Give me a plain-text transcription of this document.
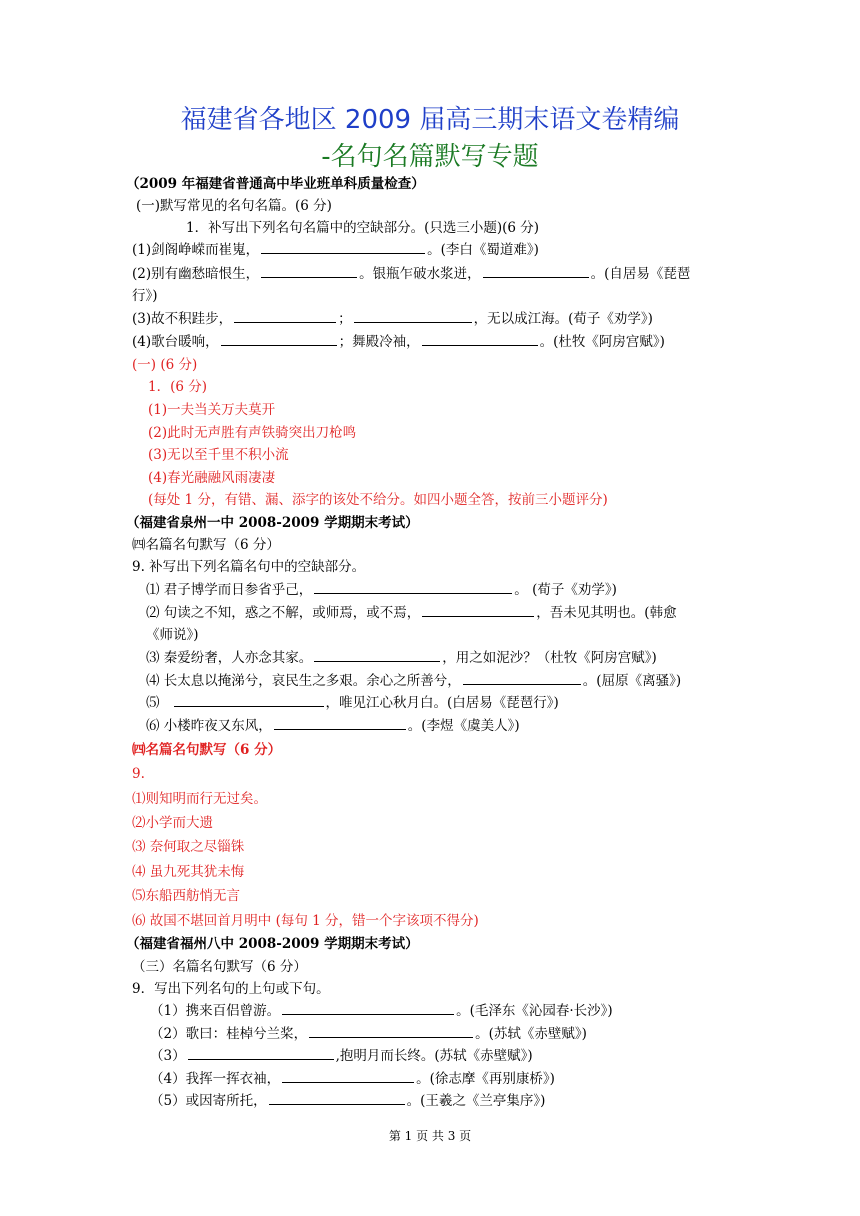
福建省各地区 2009 届高三期末语文卷精编
-名句名篇默写专题
（2009 年福建省普通高中毕业班单科质量检查）
(一)默写常见的名句名篇。(6 分)
1．补写出下列名句名篇中的空缺部分。(只选三小题)(6 分)
(1)剑阁峥嵘而崔嵬，	。(李白《蜀道难》)
(2)别有幽愁暗恨生，	。银瓶乍破水浆迸，	。(自居易《琵琶
行》)
(3)故不积跬步，	；	，无以成江海。(荀子《劝学》)
(4)歌台暖响，	；舞殿冷袖，	。(杜牧《阿房宫赋》)
(一) (6 分)
1．(6 分)
(1)一夫当关万夫莫开
(2)此时无声胜有声铁骑突出刀枪鸣
(3)无以至千里不积小流
(4)春光融融风雨凄凄
(每处 1 分，有错、漏、添字的该处不给分。如四小题全答，按前三小题评分)
（福建省泉州一中 2008-2009 学期期末考试）
㈣名篇名句默写（6 分）
9. 补写出下列名篇名句中的空缺部分。
⑴ 君子博学而日参省乎己，	。 (荀子《劝学》)
⑵ 句读之不知，惑之不解，或师焉，或不焉，	，吾未见其明也。(韩愈
《师说》)
⑶ 秦爱纷奢，人亦念其家。	，用之如泥沙？（杜牧《阿房宫赋》)
⑷ 长太息以掩涕兮，哀民生之多艰。余心之所善兮，	。(屈原《离骚》)
⑸	，唯见江心秋月白。(白居易《琵琶行》)
⑹ 小楼昨夜又东风，	。(李煜《虞美人》)
㈣名篇名句默写（6 分）
9.
⑴则知明而行无过矣。
⑵小学而大遗
⑶ 奈何取之尽锱铢
⑷ 虽九死其犹未悔
⑸东船西舫悄无言
⑹ 故国不堪回首月明中 (每句 1 分，错一个字该项不得分)
（福建省福州八中 2008-2009 学期期末考试）
（三）名篇名句默写（6 分）
9．写出下列名句的上句或下句。
（1）携来百侣曾游。	。(毛泽东《沁园春·长沙》)
（2）歌曰：桂棹兮兰桨，	。(苏轼《赤壁赋》)
（3）	,抱明月而长终。(苏轼《赤壁赋》)
（4）我挥一挥衣袖，	。(徐志摩《再别康桥》)
（5）或因寄所托，	。(王羲之《兰亭集序》)
第 1 页 共 3 页
